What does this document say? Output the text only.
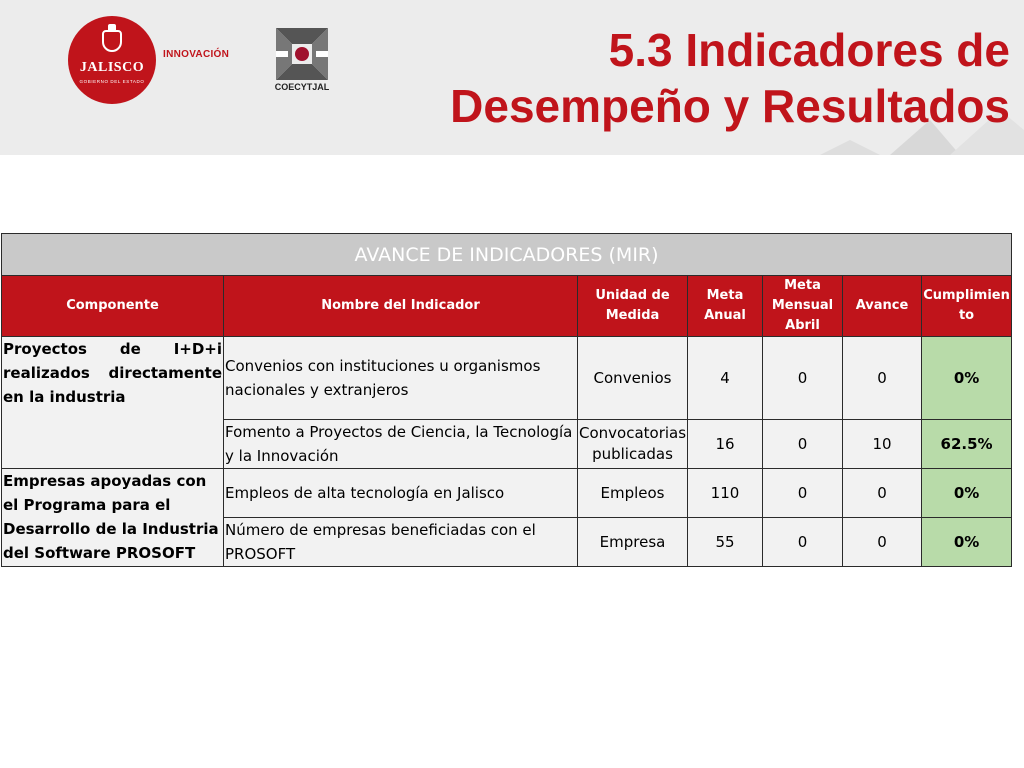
JALISCO
GOBIERNO DEL ESTADO
INNOVACIÓN
COECYTJAL
5.3 Indicadores de
Desempeño y Resultados
AVANCE DE INDICADORES (MIR)						
Componente	Nombre del Indicador	Unidad de Medida	Meta Anual	Meta Mensual Abril	Avance	Cumplimiento
Proyectos de I+D+i realizados directamente en la industria	Convenios con instituciones u organismos nacionales y extranjeros	Convenios	4	0	0	0%
	Fomento a Proyectos de Ciencia, la Tecnología y la Innovación	Convocatorias publicadas	16	0	10	62.5%
Empresas apoyadas con el Programa para el Desarrollo de la Industria del Software PROSOFT	Empleos de alta tecnología en Jalisco	Empleos	110	0	0	0%
	Número de empresas beneficiadas con el PROSOFT	Empresa	55	0	0	0%
